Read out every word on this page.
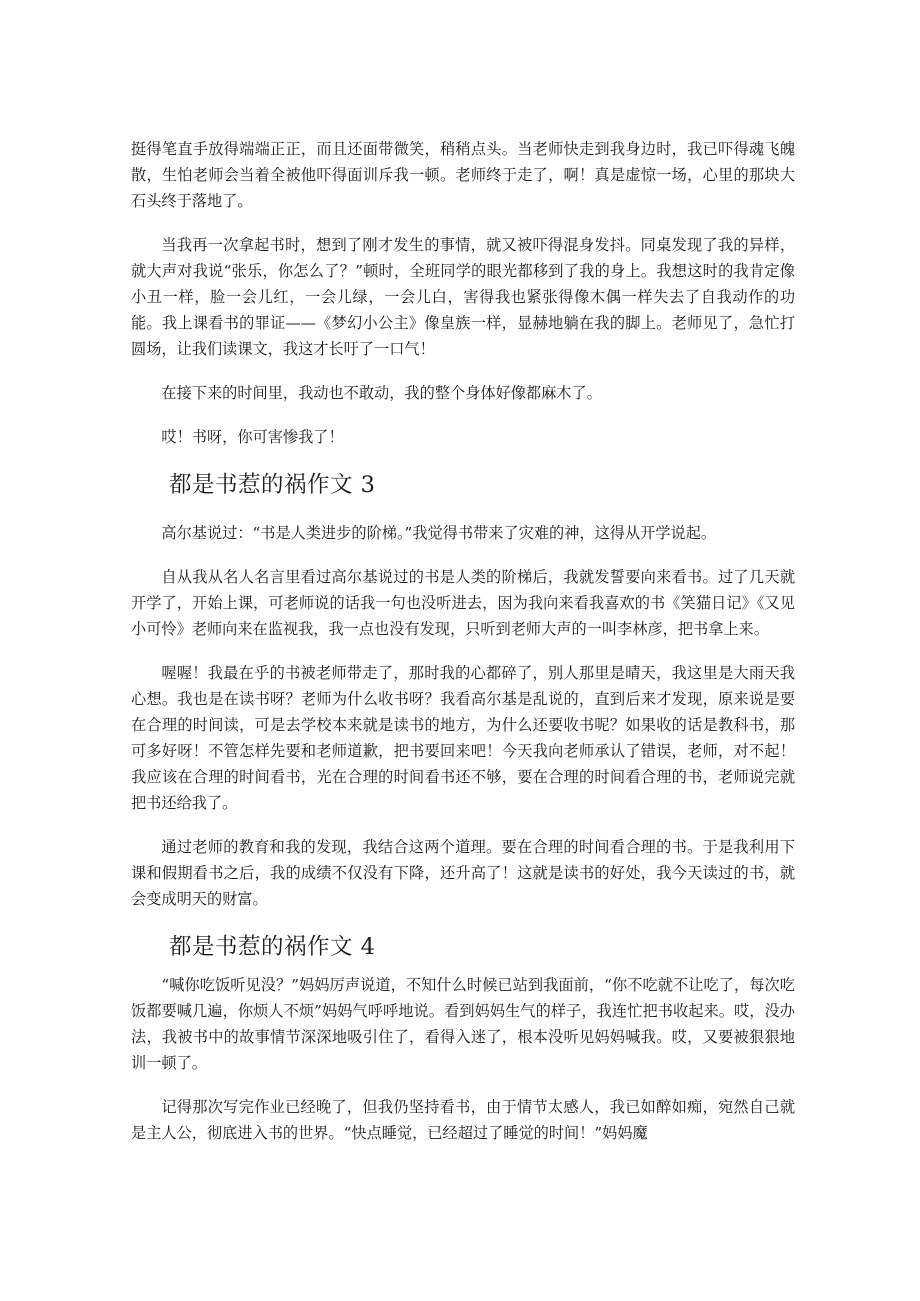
挺得笔直手放得端端正正，而且还面带微笑，稍稍点头。当老师快走到我身边时，我已吓得魂飞魄散，生怕老师会当着全被他吓得面训斥我一顿。老师终于走了，啊！真是虚惊一场，心里的那块大石头终于落地了。

当我再一次拿起书时，想到了刚才发生的事情，就又被吓得混身发抖。同桌发现了我的异样，就大声对我说“张乐，你怎么了？”顿时，全班同学的眼光都移到了我的身上。我想这时的我肯定像小丑一样，脸一会儿红，一会儿绿，一会儿白，害得我也紧张得像木偶一样失去了自我动作的功能。我上课看书的罪证——《梦幻小公主》像皇族一样，显赫地躺在我的脚上。老师见了，急忙打圆场，让我们读课文，我这才长吁了一口气！

在接下来的时间里，我动也不敢动，我的整个身体好像都麻木了。

哎！书呀，你可害惨我了！

都是书惹的祸作文 3

高尔基说过：“书是人类进步的阶梯。”我觉得书带来了灾难的神，这得从开学说起。

自从我从名人名言里看过高尔基说过的书是人类的阶梯后，我就发誓要向来看书。过了几天就开学了，开始上课，可老师说的话我一句也没听进去，因为我向来看我喜欢的书《笑猫日记》《又见小可怜》老师向来在监视我，我一点也没有发现，只听到老师大声的一叫李林彦，把书拿上来。

喔喔！我最在乎的书被老师带走了，那时我的心都碎了，别人那里是晴天，我这里是大雨天我心想。我也是在读书呀？老师为什么收书呀？我看高尔基是乱说的，直到后来才发现，原来说是要在合理的时间读，可是去学校本来就是读书的地方，为什么还要收书呢？如果收的话是教科书，那可多好呀！不管怎样先要和老师道歉，把书要回来吧！今天我向老师承认了错误，老师，对不起！我应该在合理的时间看书，光在合理的时间看书还不够，要在合理的时间看合理的书，老师说完就把书还给我了。

通过老师的教育和我的发现，我结合这两个道理。要在合理的时间看合理的书。于是我利用下课和假期看书之后，我的成绩不仅没有下降，还升高了！这就是读书的好处，我今天读过的书，就会变成明天的财富。

都是书惹的祸作文 4

“喊你吃饭听见没？”妈妈厉声说道，不知什么时候已站到我面前，“你不吃就不让吃了，每次吃饭都要喊几遍，你烦人不烦”妈妈气呼呼地说。看到妈妈生气的样子，我连忙把书收起来。哎，没办法，我被书中的故事情节深深地吸引住了，看得入迷了，根本没听见妈妈喊我。哎，又要被狠狠地训一顿了。

记得那次写完作业已经晚了，但我仍坚持看书，由于情节太感人，我已如醉如痴，宛然自己就是主人公，彻底进入书的世界。“快点睡觉，已经超过了睡觉的时间！”妈妈魔
